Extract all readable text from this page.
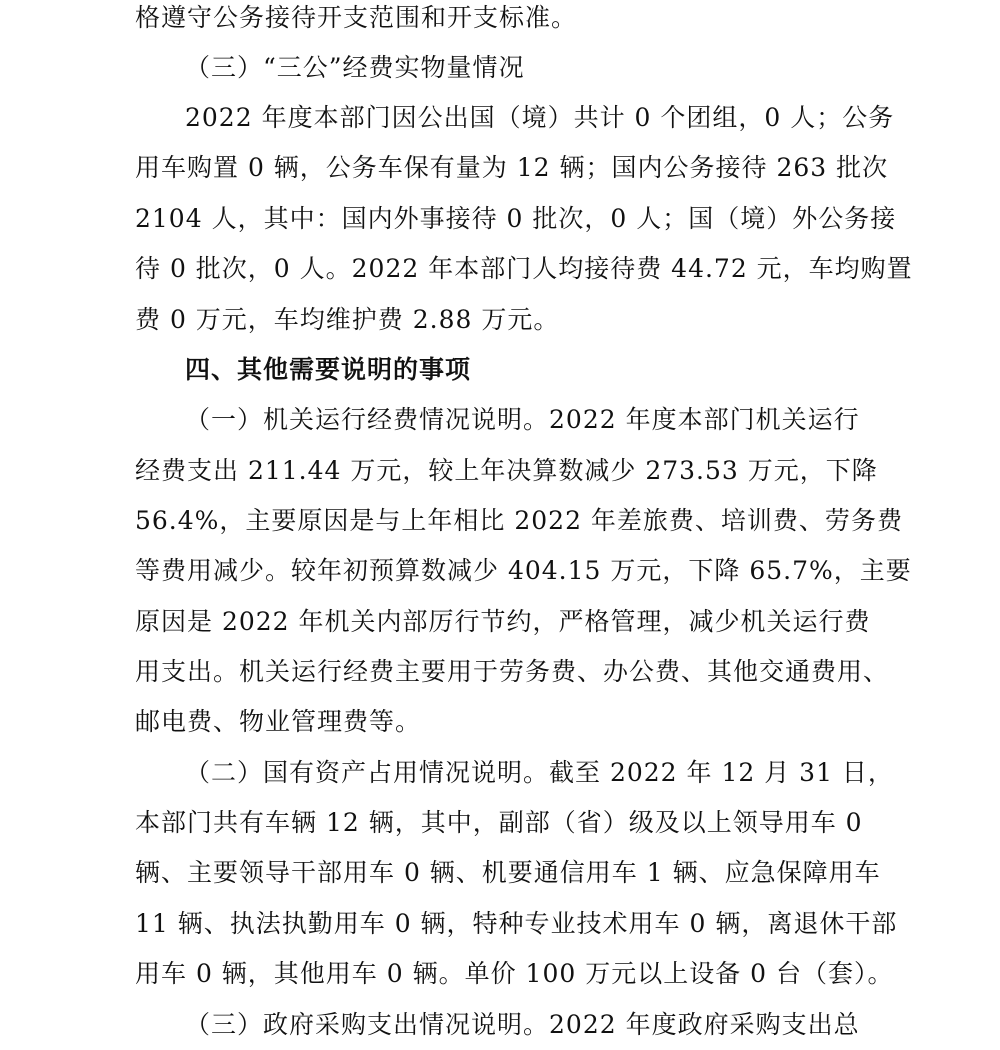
格遵守公务接待开支范围和开支标准。
（三）“三公”经费实物量情况
2022 年度本部门因公出国（境）共计 0 个团组，0 人；公务
用车购置 0 辆，公务车保有量为 12 辆；国内公务接待 263 批次
2104 人，其中：国内外事接待 0 批次，0 人；国（境）外公务接
待 0 批次，0 人。2022 年本部门人均接待费 44.72 元，车均购置
费 0 万元，车均维护费 2.88 万元。
四、其他需要说明的事项
（一）机关运行经费情况说明。2022 年度本部门机关运行
经费支出 211.44 万元，较上年决算数减少 273.53 万元，下降
56.4%，主要原因是与上年相比 2022 年差旅费、培训费、劳务费
等费用减少。较年初预算数减少 404.15 万元，下降 65.7%，主要
原因是 2022 年机关内部厉行节约，严格管理，减少机关运行费
用支出。机关运行经费主要用于劳务费、办公费、其他交通费用、
邮电费、物业管理费等。
（二）国有资产占用情况说明。截至 2022 年 12 月 31 日，
本部门共有车辆 12 辆，其中，副部（省）级及以上领导用车 0
辆、主要领导干部用车 0 辆、机要通信用车 1 辆、应急保障用车
11 辆、执法执勤用车 0 辆，特种专业技术用车 0 辆，离退休干部
用车 0 辆，其他用车 0 辆。单价 100 万元以上设备 0 台（套）。
（三）政府采购支出情况说明。2022 年度政府采购支出总
